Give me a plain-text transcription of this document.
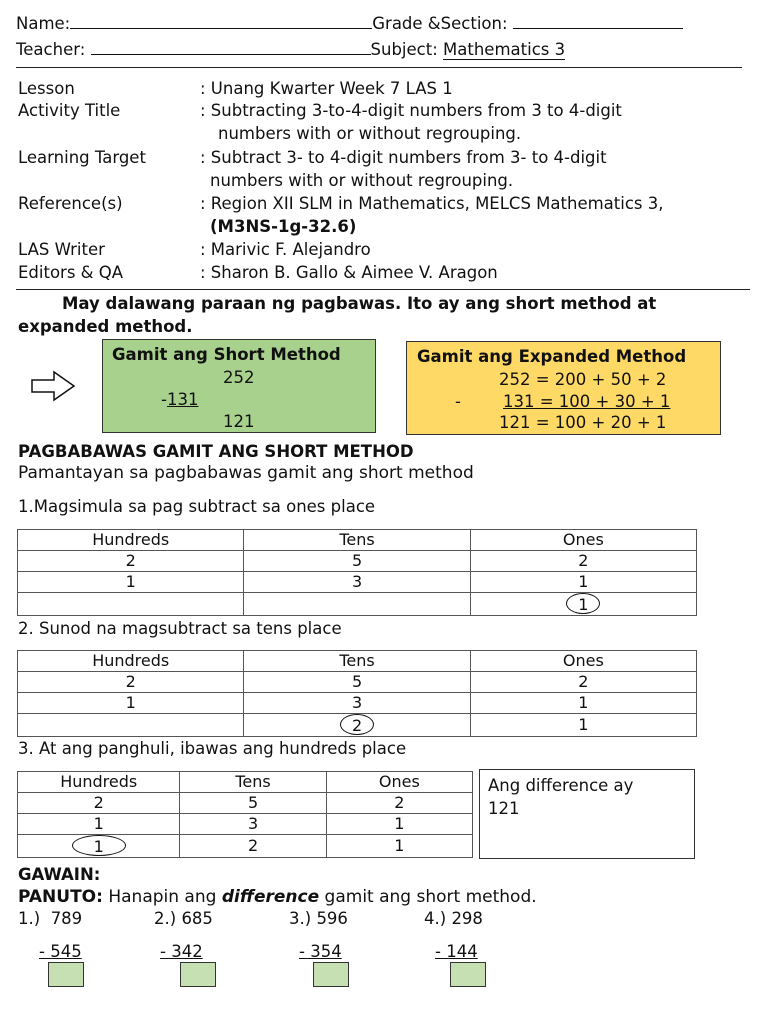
Name:	Grade &Section:
Teacher:	Subject: Mathematics 3
Lesson	: Unang Kwarter Week 7 LAS 1
Activity Title	: Subtracting 3-to-4-digit numbers from 3 to 4-digit
numbers with or without regrouping.
Learning Target	: Subtract 3- to 4-digit numbers from 3- to 4-digit
numbers with or without regrouping.
Reference(s)	: Region XII SLM in Mathematics, MELCS Mathematics 3,
(M3NS-1g-32.6)
LAS Writer	: Marivic F. Alejandro
Editors & QA	: Sharon B. Gallo & Aimee V. Aragon
May dalawang paraan ng pagbawas. Ito ay ang short method at
expanded method.
Gamit ang Short Method
252
-131
121
Gamit ang Expanded Method
252 = 200 + 50 + 2
-	131 = 100 + 30 + 1
121 = 100 + 20 + 1
PAGBABAWAS GAMIT ANG SHORT METHOD
Pamantayan sa pagbabawas gamit ang short method
1.Magsimula sa pag subtract sa ones place
Hundreds	Tens	Ones
2	5	2
1	3	1
		1
2. Sunod na magsubtract sa tens place
Hundreds	Tens	Ones
2	5	2
1	3	1
	2	1
3. At ang panghuli, ibawas ang hundreds place
Hundreds	Tens	Ones
2	5	2
1	3	1
1	2	1
Ang difference ay
121
GAWAIN:
PANUTO: Hanapin ang difference gamit ang short method.
1.) 789	2.) 685	3.) 596	4.) 298
- 545	- 342	- 354	- 144
